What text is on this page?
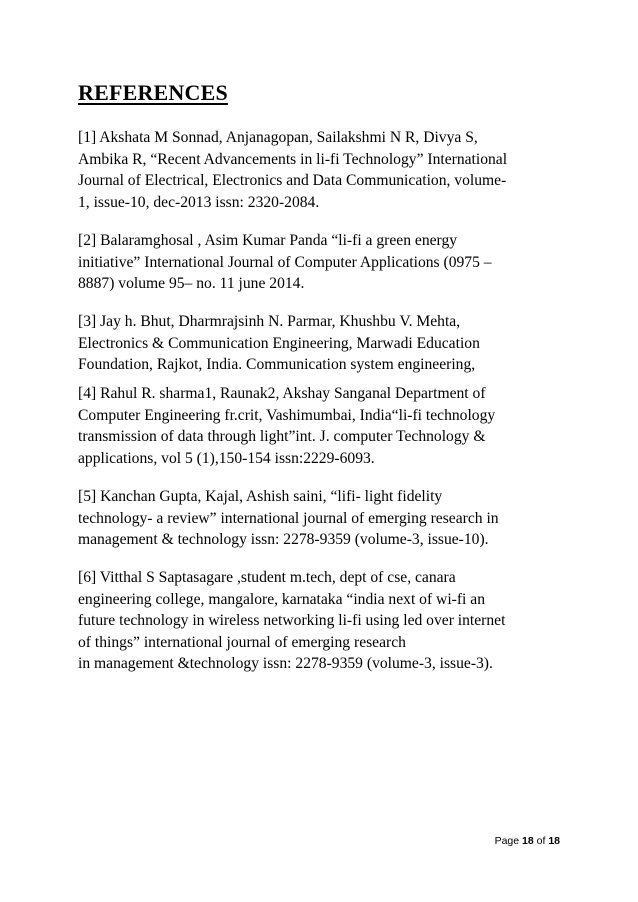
REFERENCES

[1] Akshata M Sonnad, Anjanagopan, Sailakshmi N R, Divya S,
Ambika R, “Recent Advancements in li-fi Technology” International
Journal of Electrical, Electronics and Data Communication, volume-
1, issue-10, dec-2013 issn: 2320-2084.

[2] Balaramghosal , Asim Kumar Panda “li-fi a green energy
initiative” International Journal of Computer Applications (0975 –
8887) volume 95– no. 11 june 2014.

[3] Jay h. Bhut, Dharmrajsinh N. Parmar, Khushbu V. Mehta,
Electronics & Communication Engineering, Marwadi Education
Foundation, Rajkot, India. Communication system engineering,

[4] Rahul R. sharma1, Raunak2, Akshay Sanganal Department of
Computer Engineering fr.crit, Vashimumbai, India“li-fi technology
transmission of data through light”int. J. computer Technology &
applications, vol 5 (1),150-154 issn:2229-6093.

[5] Kanchan Gupta, Kajal, Ashish saini, “lifi- light fidelity
technology- a review” international journal of emerging research in
management & technology issn: 2278-9359 (volume-3, issue-10).

[6] Vitthal S Saptasagare ,student m.tech, dept of cse, canara
engineering college, mangalore, karnataka “india next of wi-fi an
future technology in wireless networking li-fi using led over internet
of things” international journal of emerging research
in management &technology issn: 2278-9359 (volume-3, issue-3).

Page 18 of 18
